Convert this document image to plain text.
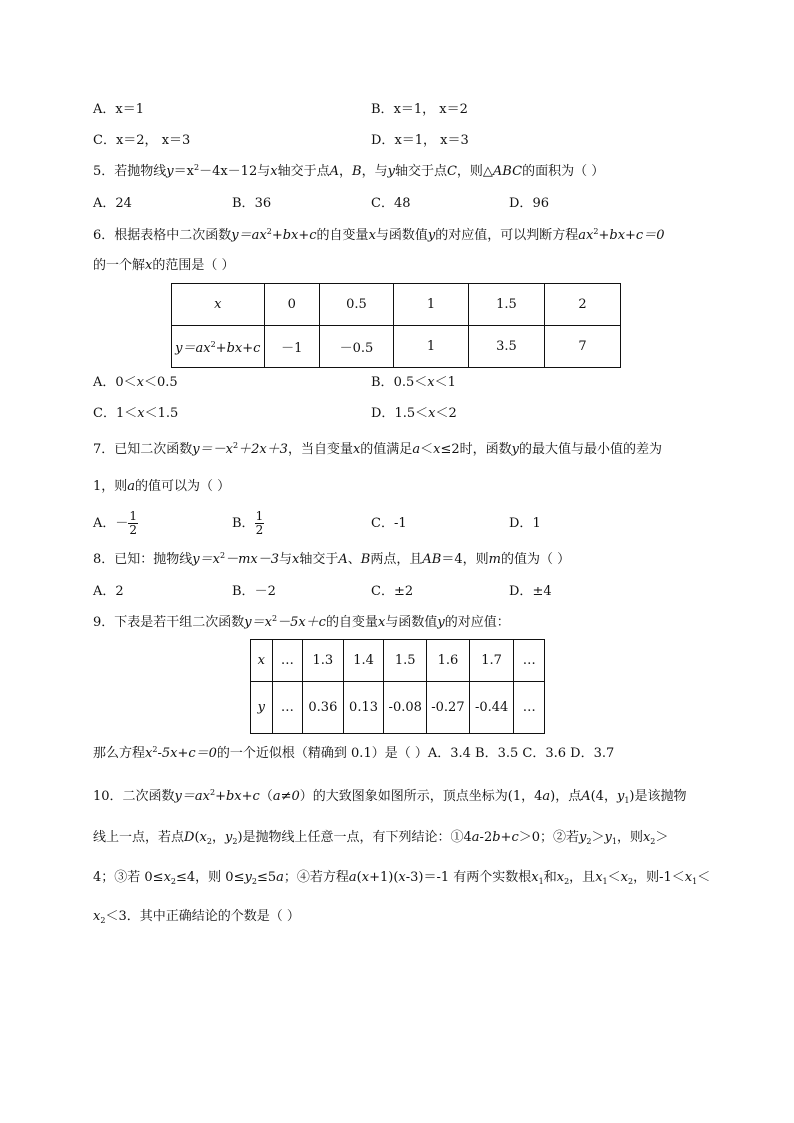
A．x＝1	B．x＝1， x＝2
C．x＝2， x＝3	D．x＝1， x＝3
5．若抛物线$y=x^2-4x-12$与x轴交于点A，B，与y轴交于点C，则△ABC的面积为（ ）
A．24	B．36	C．48	D．96
6．根据表格中二次函数$y=ax^2+bx+c$的自变量x与函数值y的对应值，可以判断方程$ax^2+bx+c=0$
的一个解x的范围是（ ）
x	0	0.5	1	1.5	2
$y=ax^2+bx+c$	－1	－0.5	1	3.5	7
A．0＜x＜0.5	B．0.5＜x＜1
C．1＜x＜1.5	D．1.5＜x＜2
7．已知二次函数$y=-x^2+2x+3$，当自变量x的值满足a＜x≤2时，函数y的最大值与最小值的差为
1，则a的值可以为（ ）
A．－ $\frac{1}{2}$	B． $\frac{1}{2}$	C．-1	D．1
8．已知：抛物线$y=x^2-mx-3$与x轴交于A、B两点，且AB＝4，则m的值为（ ）
A．2	B．－2	C．±2	D．±4
9．下表是若干组二次函数$y=x^2-5x+c$的自变量x与函数值y的对应值：
x	…	1.3	1.4	1.5	1.6	1.7	…
y	…	0.36	0.13	-0.08	-0.27	-0.44	…
那么方程$x^2-5x+c=0$的一个近似根（精确到 0.1）是（ ）A．3.4 B．3.5 C．3.6 D．3.7
10．二次函数$y=ax^2+bx+c(a\ne 0)$的大致图象如图所示，顶点坐标为(1，4a)，点A(4，$y_1$)是该抛物
线上一点，若点$D(x_2$，$y_2$)是抛物线上任意一点，有下列结论：①4a-2b+c＞0；②若$y_2>y_1$，则$x_2>$
4；③若 $0\le x_2\le 4$，则 $0\le y_2\le 5a$；④若方程a(x+1)(x-3)＝-1 有两个实数根$x_1$和$x_2$，且$x_1<x_2$，则$-1<x_1<$
$x_2<3$．其中正确结论的个数是（ ）
